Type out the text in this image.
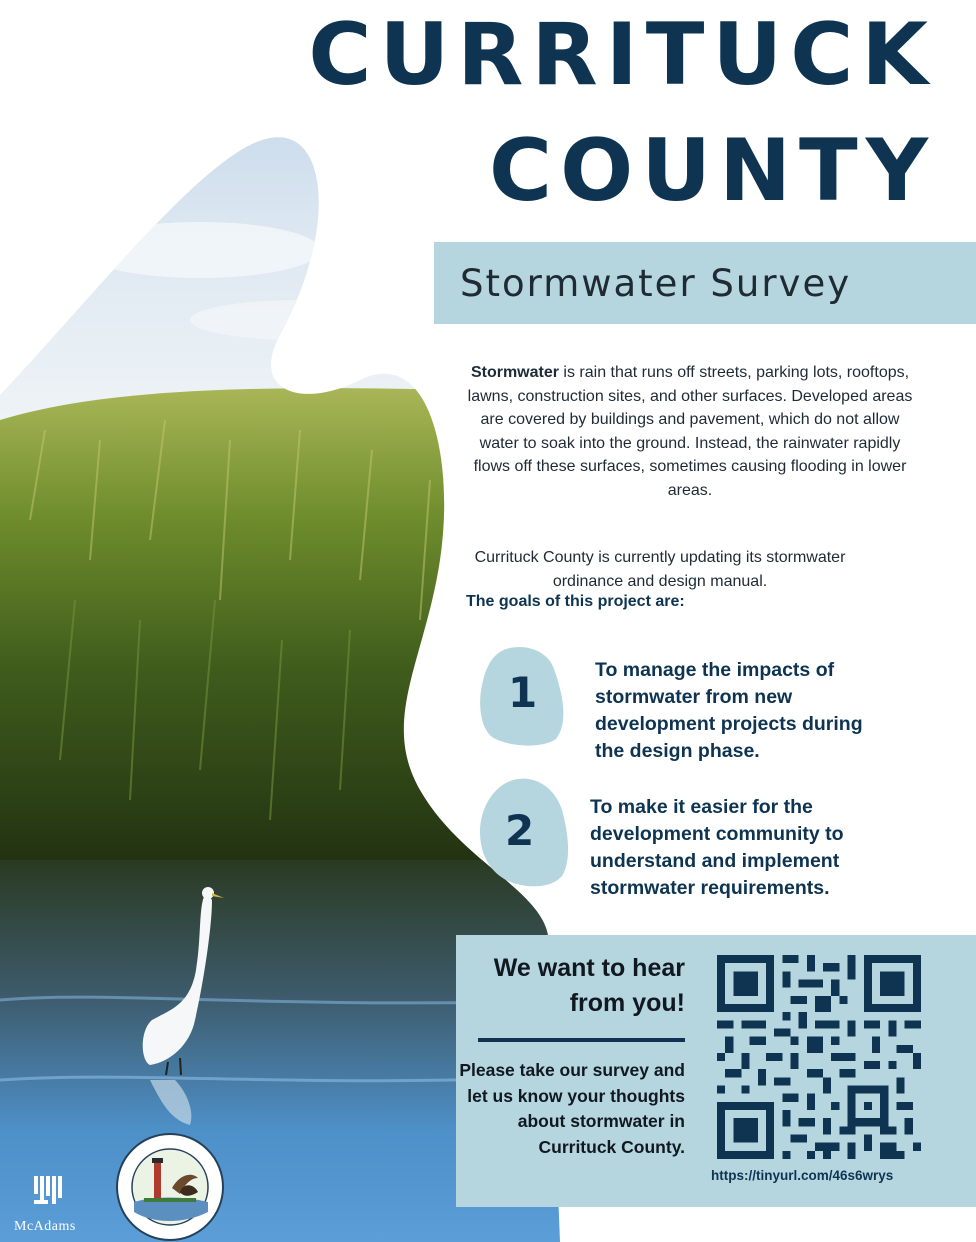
CURRITUCK
COUNTY
Stormwater Survey

Stormwater is rain that runs off streets, parking lots, rooftops, lawns, construction sites, and other surfaces. Developed areas are covered by buildings and pavement, which do not allow water to soak into the ground. Instead, the rainwater rapidly flows off these surfaces, sometimes causing flooding in lower areas.

Currituck County is currently updating its stormwater ordinance and design manual.

The goals of this project are:
1	To manage the impacts of stormwater from new development projects during the design phase.
2	To make it easier for the development community to understand and implement stormwater requirements.
We want to hear from you!
Please take our survey and let us know your thoughts about stormwater in Currituck County.
https://tinyurl.com/46s6wrys
McAdams
